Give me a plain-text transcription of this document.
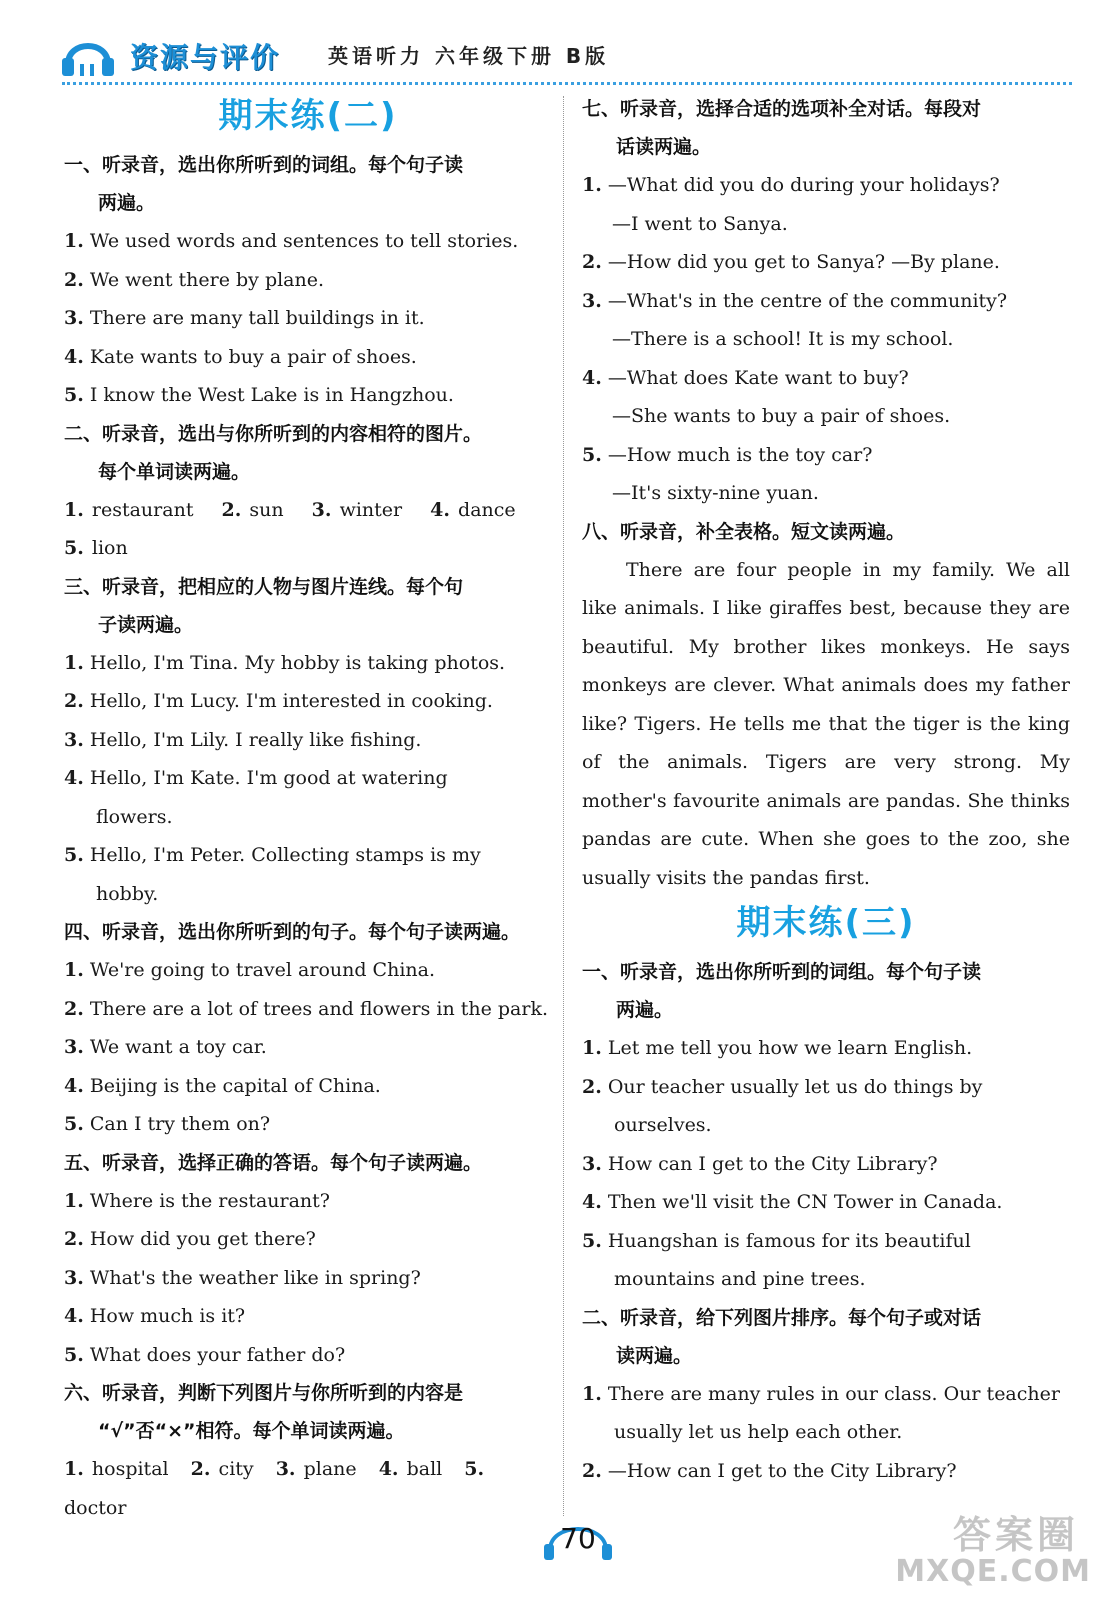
资源与评价 英语听力 六年级下册 B版
期末练(二)
一、听录音，选出你所听到的词组。每个句子读
两遍。
1. We used words and sentences to tell stories.
2. We went there by plane.
3. There are many tall buildings in it.
4. Kate wants to buy a pair of shoes.
5. I know the West Lake is in Hangzhou.
二、听录音，选出与你所听到的内容相符的图片。
每个单词读两遍。
1. restaurant 2. sun 3. winter 4. dance
5. lion
三、听录音，把相应的人物与图片连线。每个句
子读两遍。
1. Hello, I'm Tina. My hobby is taking photos.
2. Hello, I'm Lucy. I'm interested in cooking.
3. Hello, I'm Lily. I really like fishing.
4. Hello, I'm Kate. I'm good at watering
flowers.
5. Hello, I'm Peter. Collecting stamps is my
hobby.
四、听录音，选出你所听到的句子。每个句子读两遍。
1. We're going to travel around China.
2. There are a lot of trees and flowers in the park.
3. We want a toy car.
4. Beijing is the capital of China.
5. Can I try them on?
五、听录音，选择正确的答语。每个句子读两遍。
1. Where is the restaurant?
2. How did you get there?
3. What's the weather like in spring?
4. How much is it?
5. What does your father do?
六、听录音，判断下列图片与你所听到的内容是
“√”否“×”相符。每个单词读两遍。
1. hospital 2. city 3. plane 4. ball 5. doctor
七、听录音，选择合适的选项补全对话。每段对
话读两遍。
1. —What did you do during your holidays?
—I went to Sanya.
2. —How did you get to Sanya? —By plane.
3. —What's in the centre of the community?
—There is a school! It is my school.
4. —What does Kate want to buy?
—She wants to buy a pair of shoes.
5. —How much is the toy car?
—It's sixty-nine yuan.
八、听录音，补全表格。短文读两遍。
There are four people in my family. We all like animals. I like giraffes best, because they are beautiful. My brother likes monkeys. He says monkeys are clever. What animals does my father like? Tigers. He tells me that the tiger is the king of the animals. Tigers are very strong. My mother's favourite animals are pandas. She thinks pandas are cute. When she goes to the zoo, she usually visits the pandas first.
期末练(三)
一、听录音，选出你所听到的词组。每个句子读
两遍。
1. Let me tell you how we learn English.
2. Our teacher usually let us do things by
ourselves.
3. How can I get to the City Library?
4. Then we'll visit the CN Tower in Canada.
5. Huangshan is famous for its beautiful
mountains and pine trees.
二、听录音，给下列图片排序。每个句子或对话
读两遍。
1. There are many rules in our class. Our teacher
usually let us help each other.
2. —How can I get to the City Library?
70	答案圈
MXQE.COM
